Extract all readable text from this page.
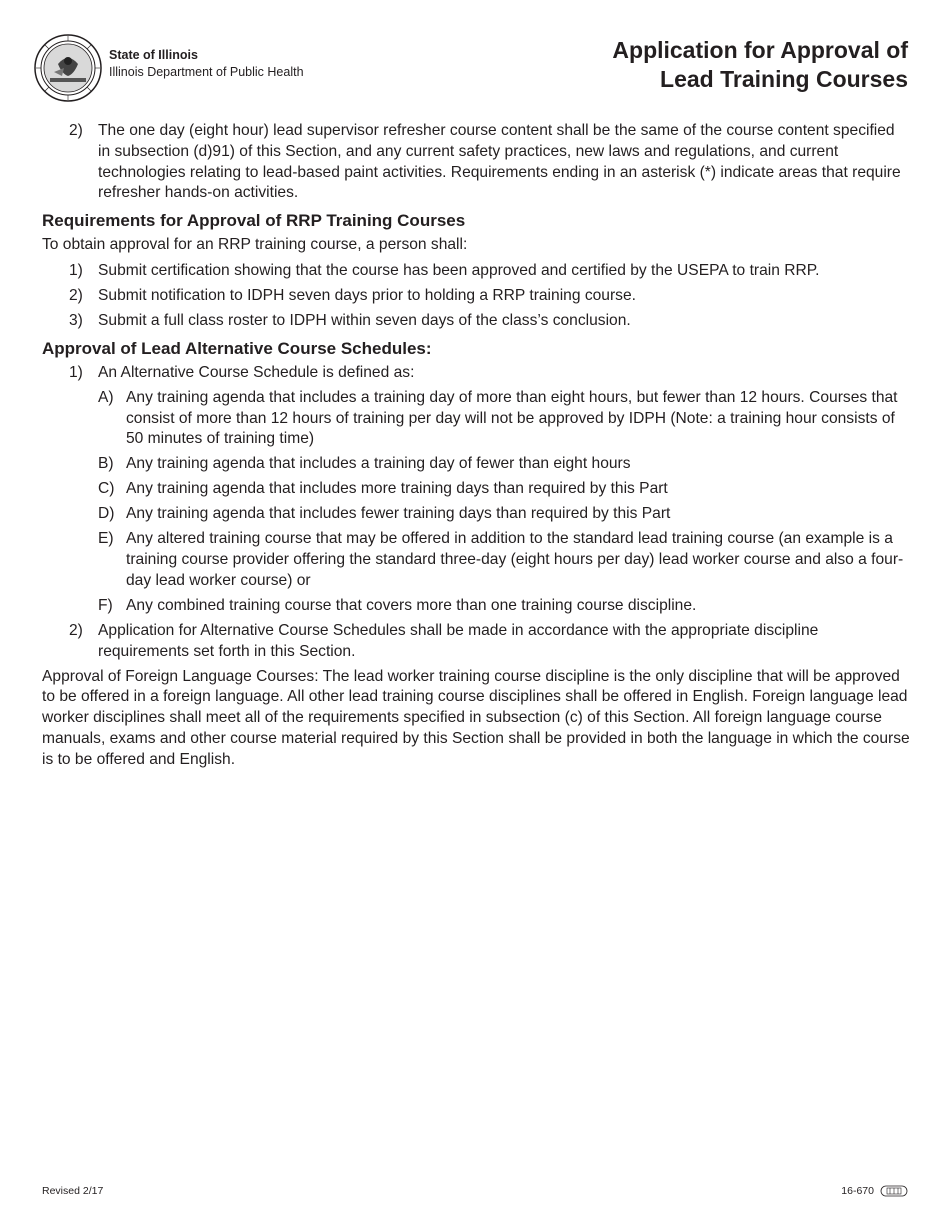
State of Illinois
Illinois Department of Public Health
Application for Approval of
Lead Training Courses
2) The one day (eight hour) lead supervisor refresher course content shall be the same of the course content specified in subsection (d)91) of this Section, and any current safety practices, new laws and regulations, and current technologies relating to lead-based paint activities. Requirements ending in an asterisk (*) indicate areas that require refresher hands-on activities.
Requirements for Approval of RRP Training Courses

To obtain approval for an RRP training course, a person shall:

1) Submit certification showing that the course has been approved and certified by the USEPA to train RRP.
2) Submit notification to IDPH seven days prior to holding a RRP training course.
3) Submit a full class roster to IDPH within seven days of the class’s conclusion.
Approval of Lead Alternative Course Schedules:
1) An Alternative Course Schedule is defined as:
A) Any training agenda that includes a training day of more than eight hours, but fewer than 12 hours. Courses that consist of more than 12 hours of training per day will not be approved by IDPH (Note: a training hour consists of 50 minutes of training time)
B) Any training agenda that includes a training day of fewer than eight hours
C) Any training agenda that includes more training days than required by this Part
D) Any training agenda that includes fewer training days than required by this Part
E) Any altered training course that may be offered in addition to the standard lead training course (an example is a training course provider offering the standard three-day (eight hours per day) lead worker course and also a four-day lead worker course) or
F) Any combined training course that covers more than one training course discipline.
2) Application for Alternative Course Schedules shall be made in accordance with the appropriate discipline requirements set forth in this Section.

Approval of Foreign Language Courses: The lead worker training course discipline is the only discipline that will be approved to be offered in a foreign language. All other lead training course disciplines shall be offered in English. Foreign language lead worker disciplines shall meet all of the requirements specified in subsection (c) of this Section. All foreign language course manuals, exams and other course material required by this Section shall be provided in both the language in which the course is to be offered and English.

Revised 2/17	16-670
